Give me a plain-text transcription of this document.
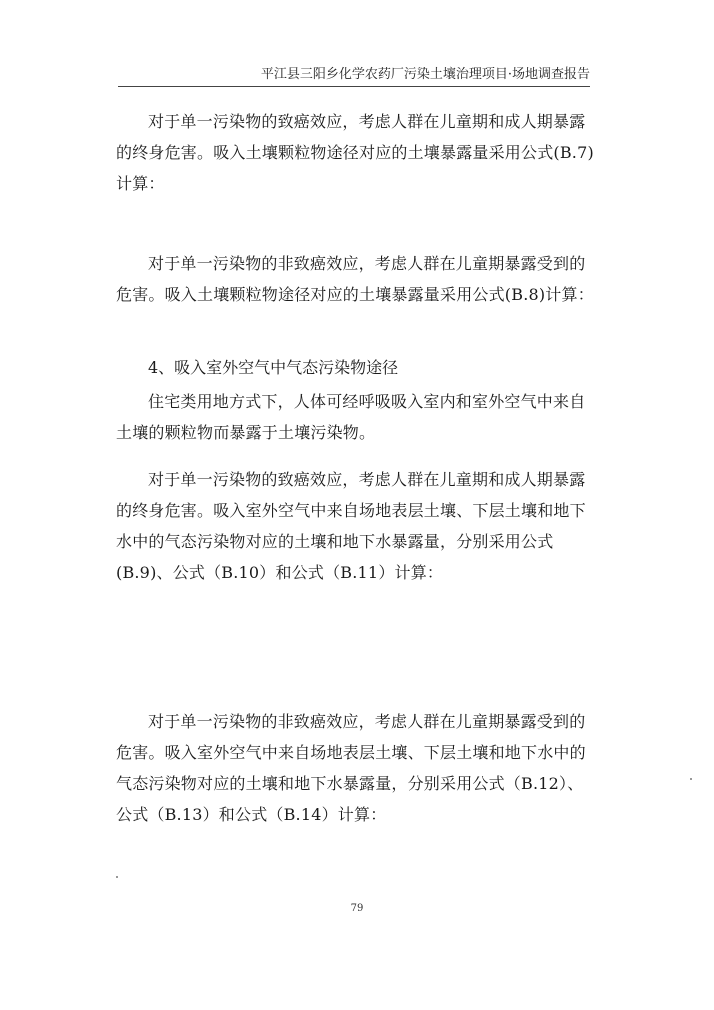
平江县三阳乡化学农药厂污染土壤治理项目·场地调查报告

对于单一污染物的致癌效应，考虑人群在儿童期和成人期暴露的终身危害。吸入土壤颗粒物途径对应的土壤暴露量采用公式(B.7)计算：

对于单一污染物的非致癌效应，考虑人群在儿童期暴露受到的危害。吸入土壤颗粒物途径对应的土壤暴露量采用公式(B.8)计算：

4、吸入室外空气中气态污染物途径

住宅类用地方式下，人体可经呼吸吸入室内和室外空气中来自土壤的颗粒物而暴露于土壤污染物。

对于单一污染物的致癌效应，考虑人群在儿童期和成人期暴露的终身危害。吸入室外空气中来自场地表层土壤、下层土壤和地下水中的气态污染物对应的土壤和地下水暴露量，分别采用公式(B.9)、公式（B.10）和公式（B.11）计算：

对于单一污染物的非致癌效应，考虑人群在儿童期暴露受到的危害。吸入室外空气中来自场地表层土壤、下层土壤和地下水中的气态污染物对应的土壤和地下水暴露量，分别采用公式（B.12）、公式（B.13）和公式（B.14）计算：

79
